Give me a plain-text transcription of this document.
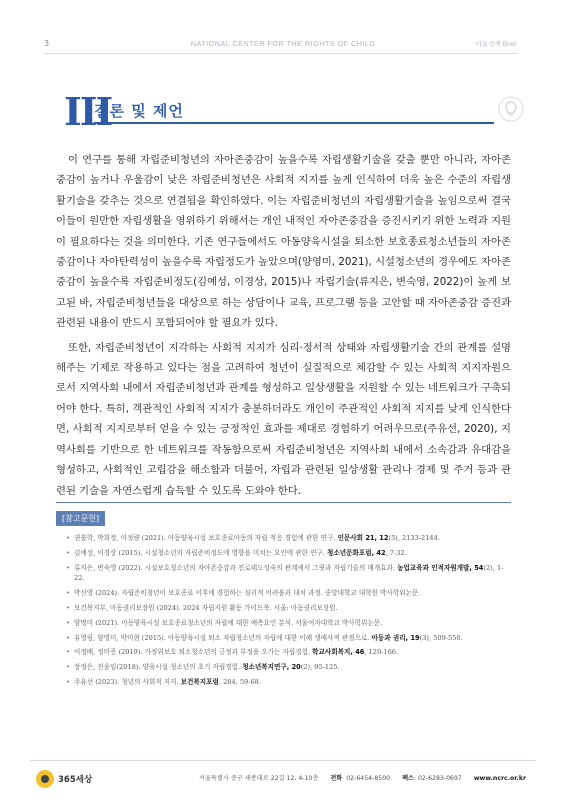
3	NATIONAL CENTER FOR THE RIGHTS OF CHILD	아동정책 Brief
III
결론 및 제언

이 연구를 통해 자립준비청년의 자아존중감이 높을수록 자립생활기술을 갖출 뿐만 아니라, 자아존중감이 높거나 우울감이 낮은 자립준비청년은 사회적 지지를 높게 인식하여 더욱 높은 수준의 자립생활기술을 갖추는 것으로 연결됨을 확인하였다. 이는 자립준비청년의 자립생활기술을 높임으로써 결국 이들이 원만한 자립생활을 영위하기 위해서는 개인 내적인 자아존중감을 증진시키기 위한 노력과 지원이 필요하다는 것을 의미한다. 기존 연구들에서도 아동양육시설을 퇴소한 보호종료청소년들의 자아존중감이나 자아탄력성이 높을수록 자립정도가 높았으며(양영미, 2021), 시설청소년의 경우에도 자아존중감이 높을수록 자립준비정도(김예성, 이경상, 2015)나 자립기술(류지은, 변숙영, 2022)이 높게 보고된 바, 자립준비청년들을 대상으로 하는 상담이나 교육, 프로그램 등을 고안할 때 자아존중감 증진과 관련된 내용이 반드시 포함되어야 할 필요가 있다.

또한, 자립준비청년이 지각하는 사회적 지지가 심리·정서적 상태와 자립생활기술 간의 관계를 설명해주는 기제로 작용하고 있다는 점을 고려하여 청년이 실질적으로 체감할 수 있는 사회적 지지자원으로서 지역사회 내에서 자립준비청년과 관계를 형성하고 일상생활을 지원할 수 있는 네트워크가 구축되어야 한다. 특히, 객관적인 사회적 지지가 충분하더라도 개인이 주관적인 사회적 지지를 낮게 인식한다면, 사회적 지지로부터 얻을 수 있는 긍정적인 효과를 제대로 경험하기 어려우므로(주유선, 2020), 지역사회를 기반으로 한 네트워크를 작동함으로써 자립준비청년은 지역사회 내에서 소속감과 유대감을 형성하고, 사회적인 고립감을 해소함과 더불어, 자립과 관련된 일상생활 관리나 경제 및 주거 등과 관련된 기술을 자연스럽게 습득할 수 있도록 도와야 한다.

[참고문헌]
• 권불학, 박희정, 이정량 (2021). 아동양육시설 보호종료아동의 자립 적응 경험에 관한 연구. 인문사회 21, 12(5), 2133-2144.
• 김예성, 이경상 (2015). 시설청소년의 자립준비정도에 영향을 미치는 요인에 관한 연구. 청소년문화포럼, 42, 7-32.
• 류지은, 변숙영 (2022). 시설보호청소년의 자아존중감과 진로태도성숙의 관계에서 그릿과 자립기술의 매개효과. 농업교육과 인적자원개발, 54(2), 1-22.
• 박신영 (2024). 자립준비청년이 보호종료 이후에 경험하는 심리적 어려움과 대처 과정. 중앙대학교 대학원 박사학위논문.
• 보건복지부, 아동권리보장원 (2024). 2024 자립지원 활동 가이드북. 서울: 아동권리보장원.
• 양명미 (2021). 아동양육시설 보호종료청소년의 자립에 대한 예측요인 분석. 서울여자대학교 박사학위논문.
• 유영림, 양영미, 박미현 (2015). 아동양육시설 퇴소 자립청소년의 자립에 대한 이해 생애사적 관점으로. 아동과 권리, 19(3), 509-550.
• 이정배, 정미증 (2019). 가정위보호 퇴소청소년의 긍정과 부정을 오가는 자립경험. 학교사회복지, 46, 129-166.
• 장정은, 전윤임(2018). 양육시설 청소년의 초기 자립경험. 청소년복지연구, 20(2), 95-125.
• 주유선 (2023). 청년의 사회적 지지. 보건복지포럼. 284. 59-68.
365세상	서울특별시 중구 세종대로 22길 12, 4-10층 전화 02-6454-8500 팩스 02-6283-0697 www.ncrc.or.kr
